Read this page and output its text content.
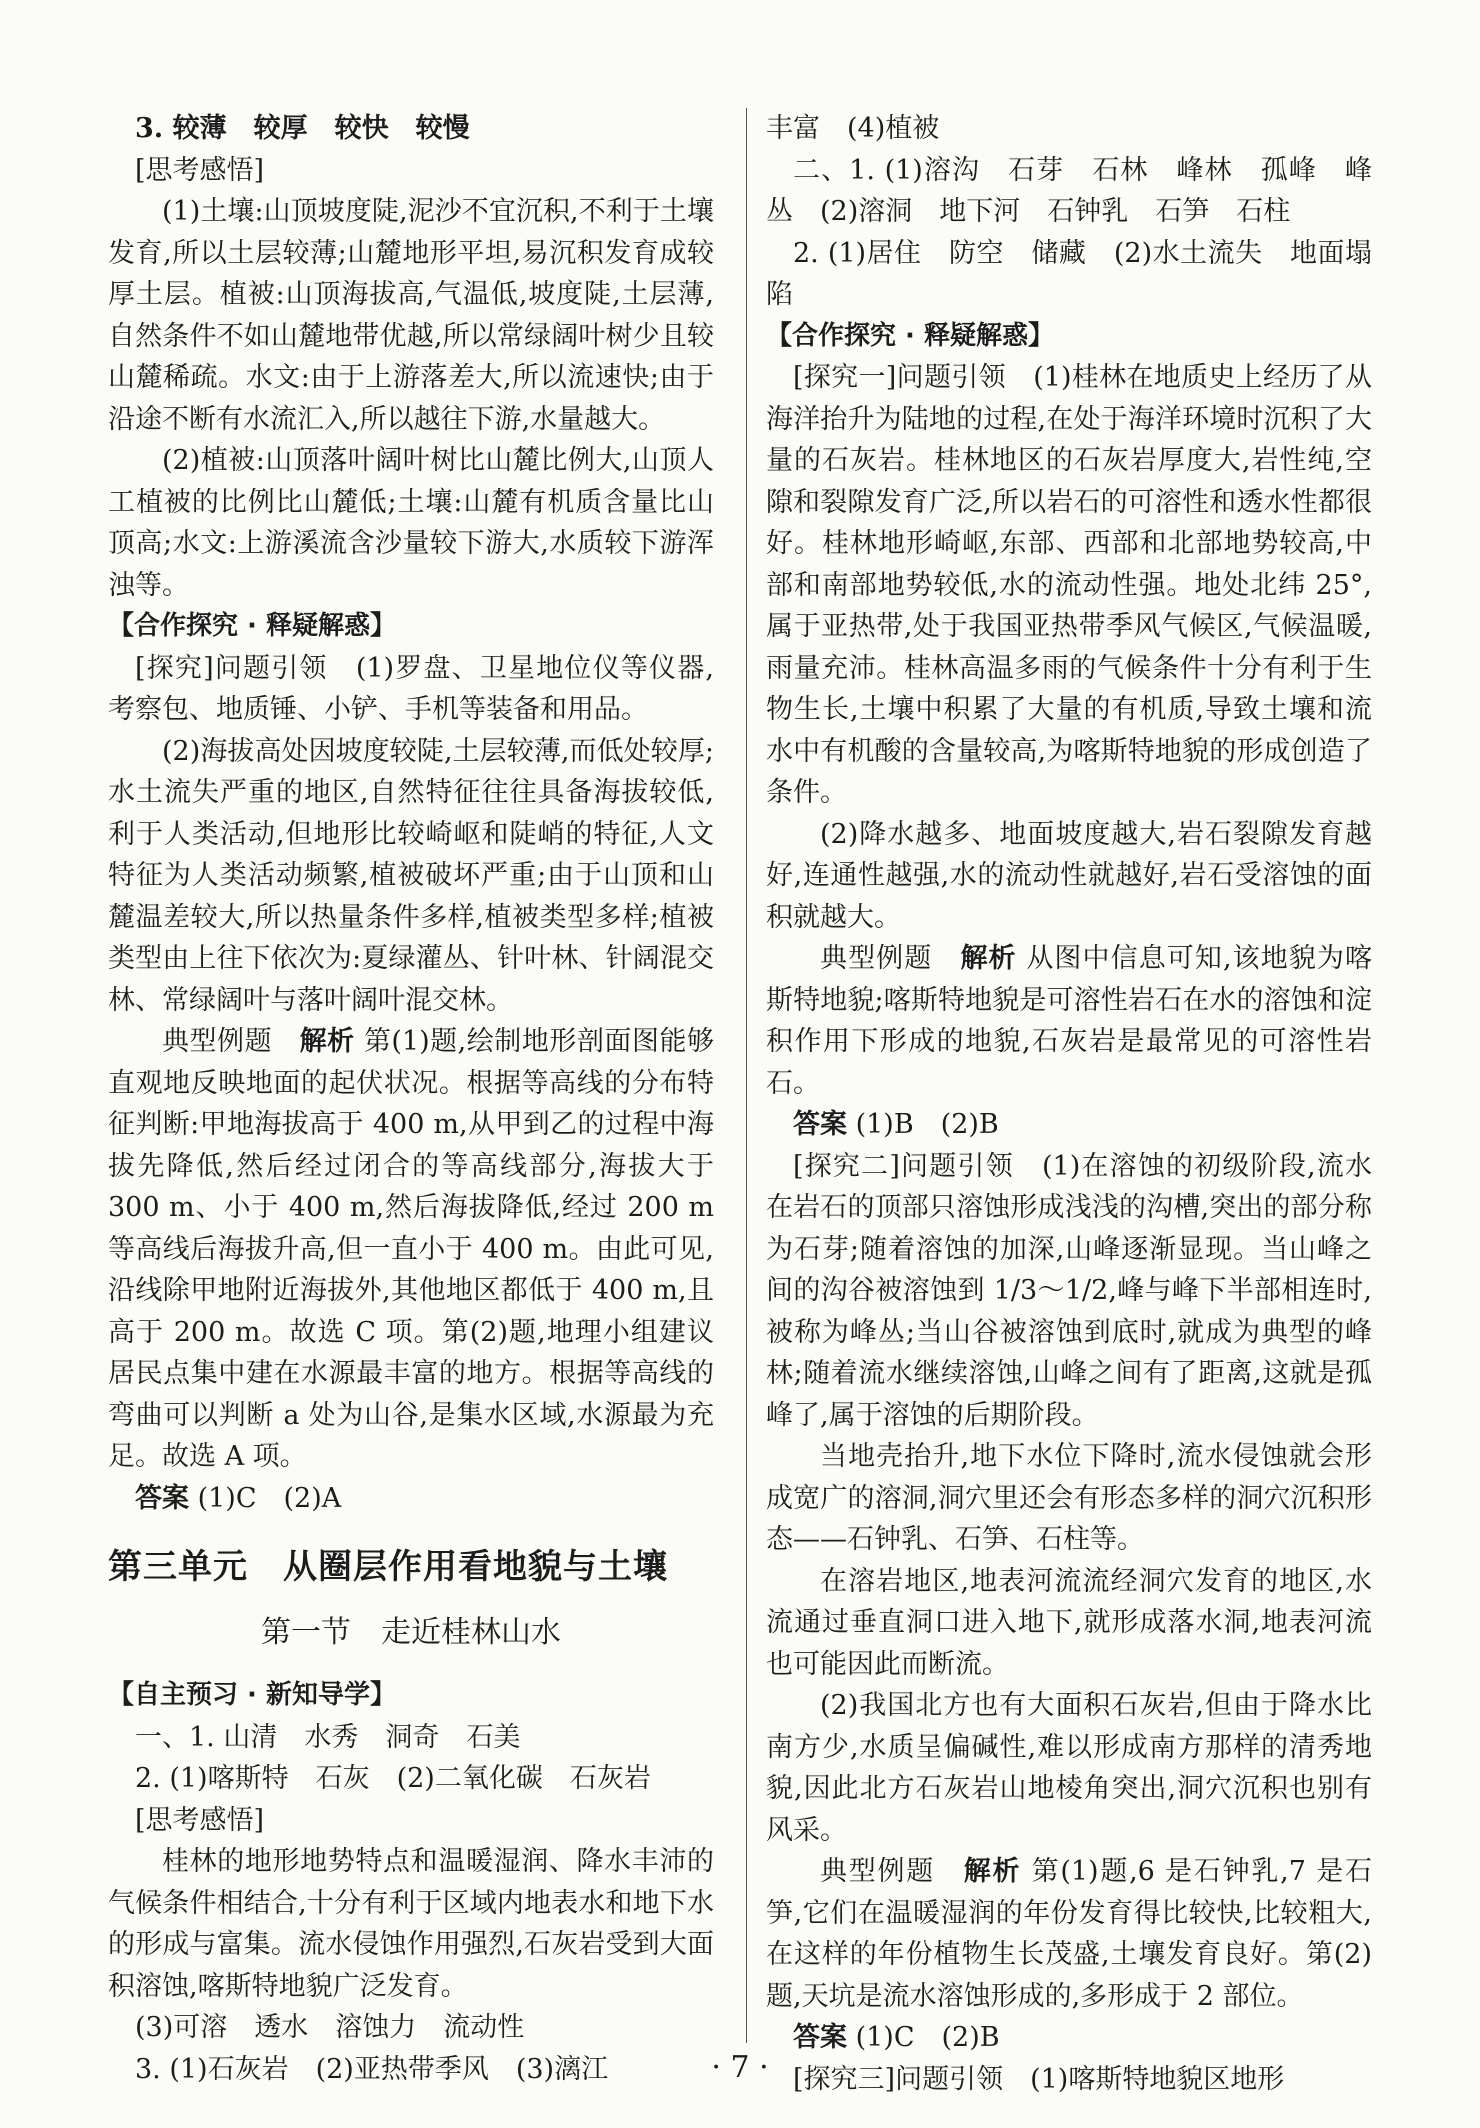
3. 较薄　较厚　较快　较慢

[思考感悟]

(1)土壤:山顶坡度陡,泥沙不宜沉积,不利于土壤发育,所以土层较薄;山麓地形平坦,易沉积发育成较厚土层。植被:山顶海拔高,气温低,坡度陡,土层薄,自然条件不如山麓地带优越,所以常绿阔叶树少且较山麓稀疏。水文:由于上游落差大,所以流速快;由于沿途不断有水流汇入,所以越往下游,水量越大。

(2)植被:山顶落叶阔叶树比山麓比例大,山顶人工植被的比例比山麓低;土壤:山麓有机质含量比山顶高;水文:上游溪流含沙量较下游大,水质较下游浑浊等。

【合作探究 · 释疑解惑】

[探究]问题引领　(1)罗盘、卫星地位仪等仪器,考察包、地质锤、小铲、手机等装备和用品。

(2)海拔高处因坡度较陡,土层较薄,而低处较厚;水土流失严重的地区,自然特征往往具备海拔较低,利于人类活动,但地形比较崎岖和陡峭的特征,人文特征为人类活动频繁,植被破坏严重;由于山顶和山麓温差较大,所以热量条件多样,植被类型多样;植被类型由上往下依次为:夏绿灌丛、针叶林、针阔混交林、常绿阔叶与落叶阔叶混交林。

典型例题　解析 第(1)题,绘制地形剖面图能够直观地反映地面的起伏状况。根据等高线的分布特征判断:甲地海拔高于 400 m,从甲到乙的过程中海拔先降低,然后经过闭合的等高线部分,海拔大于 300 m、小于 400 m,然后海拔降低,经过 200 m 等高线后海拔升高,但一直小于 400 m。由此可见,沿线除甲地附近海拔外,其他地区都低于 400 m,且高于 200 m。故选 C 项。第(2)题,地理小组建议居民点集中建在水源最丰富的地方。根据等高线的弯曲可以判断 a 处为山谷,是集水区域,水源最为充足。故选 A 项。

答案 (1)C　(2)A

第三单元　从圈层作用看地貌与土壤
第一节　走近桂林山水

【自主预习 · 新知导学】

一、1. 山清　水秀　洞奇　石美

2. (1)喀斯特　石灰　(2)二氧化碳　石灰岩

[思考感悟]

桂林的地形地势特点和温暖湿润、降水丰沛的气候条件相结合,十分有利于区域内地表水和地下水的形成与富集。流水侵蚀作用强烈,石灰岩受到大面积溶蚀,喀斯特地貌广泛发育。

(3)可溶　透水　溶蚀力　流动性

3. (1)石灰岩　(2)亚热带季风　(3)漓江

丰富　(4)植被

二、1. (1)溶沟　石芽　石林　峰林　孤峰　峰丛　(2)溶洞　地下河　石钟乳　石笋　石柱

2. (1)居住　防空　储藏　(2)水土流失　地面塌陷

【合作探究 · 释疑解惑】

[探究一]问题引领　(1)桂林在地质史上经历了从海洋抬升为陆地的过程,在处于海洋环境时沉积了大量的石灰岩。桂林地区的石灰岩厚度大,岩性纯,空隙和裂隙发育广泛,所以岩石的可溶性和透水性都很好。桂林地形崎岖,东部、西部和北部地势较高,中部和南部地势较低,水的流动性强。地处北纬 25°,属于亚热带,处于我国亚热带季风气候区,气候温暖,雨量充沛。桂林高温多雨的气候条件十分有利于生物生长,土壤中积累了大量的有机质,导致土壤和流水中有机酸的含量较高,为喀斯特地貌的形成创造了条件。

(2)降水越多、地面坡度越大,岩石裂隙发育越好,连通性越强,水的流动性就越好,岩石受溶蚀的面积就越大。

典型例题　解析 从图中信息可知,该地貌为喀斯特地貌;喀斯特地貌是可溶性岩石在水的溶蚀和淀积作用下形成的地貌,石灰岩是最常见的可溶性岩石。

答案 (1)B　(2)B

[探究二]问题引领　(1)在溶蚀的初级阶段,流水在岩石的顶部只溶蚀形成浅浅的沟槽,突出的部分称为石芽;随着溶蚀的加深,山峰逐渐显现。当山峰之间的沟谷被溶蚀到 1/3～1/2,峰与峰下半部相连时,被称为峰丛;当山谷被溶蚀到底时,就成为典型的峰林;随着流水继续溶蚀,山峰之间有了距离,这就是孤峰了,属于溶蚀的后期阶段。

当地壳抬升,地下水位下降时,流水侵蚀就会形成宽广的溶洞,洞穴里还会有形态多样的洞穴沉积形态——石钟乳、石笋、石柱等。

在溶岩地区,地表河流流经洞穴发育的地区,水流通过垂直洞口进入地下,就形成落水洞,地表河流也可能因此而断流。

(2)我国北方也有大面积石灰岩,但由于降水比南方少,水质呈偏碱性,难以形成南方那样的清秀地貌,因此北方石灰岩山地棱角突出,洞穴沉积也别有风采。

典型例题　解析 第(1)题,6 是石钟乳,7 是石笋,它们在温暖湿润的年份发育得比较快,比较粗大,在这样的年份植物生长茂盛,土壤发育良好。第(2)题,天坑是流水溶蚀形成的,多形成于 2 部位。

答案 (1)C　(2)B

[探究三]问题引领　(1)喀斯特地貌区地形

· 7 ·
